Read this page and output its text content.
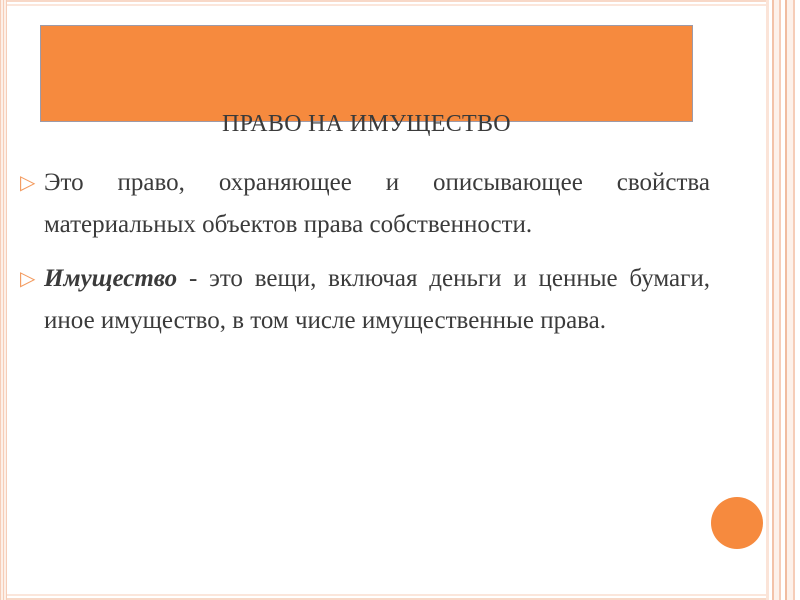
ПРАВО НА ИМУЩЕСТВО

▷ Это право, охраняющее и описывающее свойства материальных объектов права собственности.

▷ Имущество - это вещи, включая деньги и ценные бумаги, иное имущество, в том числе имущественные права.
